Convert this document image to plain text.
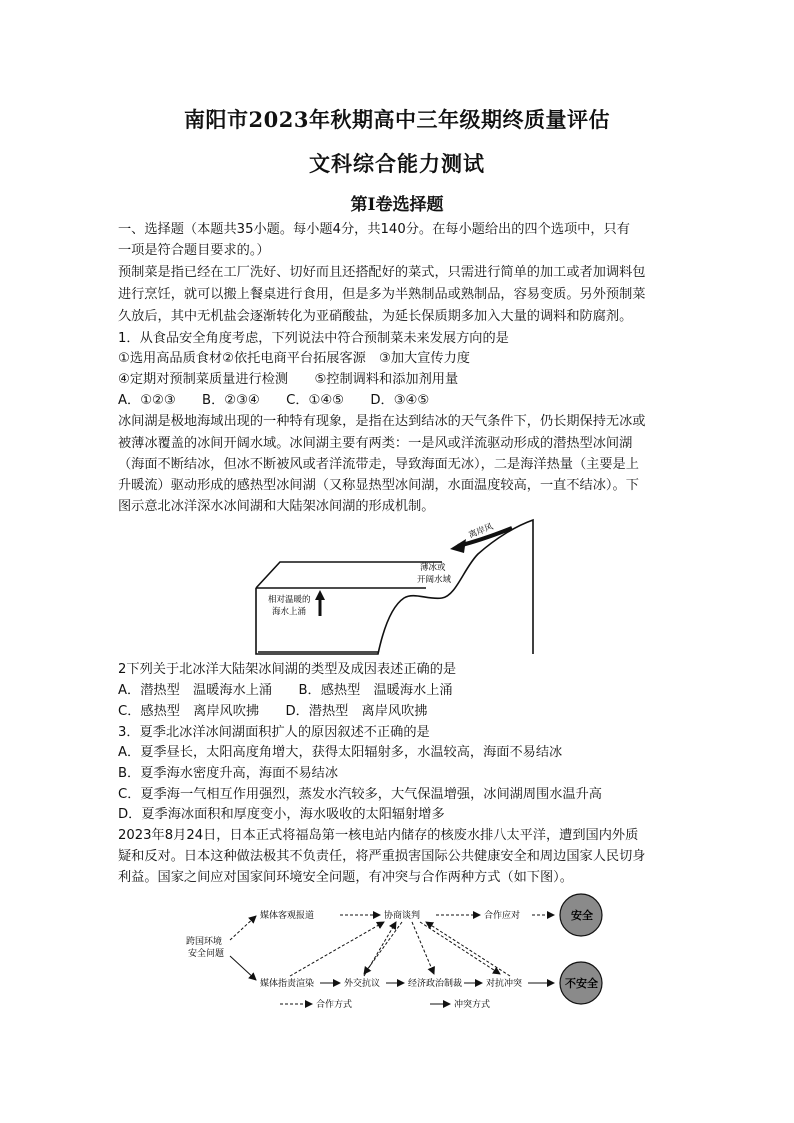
南阳市2023年秋期高中三年级期终质量评估
文科综合能力测试
第I卷选择题
一、选择题（本题共35小题。每小题4分，共140分。在每小题给出的四个选项中，只有
一项是符合题目要求的。）
预制菜是指已经在工厂洗好、切好而且还搭配好的菜式，只需进行简单的加工或者加调料包
进行烹饪，就可以搬上餐桌进行食用，但是多为半熟制品或熟制品，容易变质。另外预制菜
久放后，其中无机盐会逐渐转化为亚硝酸盐，为延长保质期多加入大量的调料和防腐剂。
1．从食品安全角度考虑，下列说法中符合预制菜未来发展方向的是
①选用高品质食材②依托电商平台拓展客源　③加大宣传力度
④定期对预制菜质量进行检测　　⑤控制调料和添加剂用量
A．①②③　　B．②③④　　C．①④⑤　　D．③④⑤
冰间湖是极地海域出现的一种特有现象，是指在达到结冰的天气条件下，仍长期保持无冰或
被薄冰覆盖的冰间开阔水域。冰间湖主要有两类：一是风或洋流驱动形成的潜热型冰间湖
（海面不断结冰，但冰不断被风或者洋流带走，导致海面无冰），二是海洋热量（主要是上
升暖流）驱动形成的感热型冰间湖（又称显热型冰间湖，水面温度较高，一直不结冰）。下
图示意北冰洋深水冰间湖和大陆架冰间湖的形成机制。
离岸风
薄冰或
开阔水域
相对温暖的
海水上涌
2下列关于北冰洋大陆架冰间湖的类型及成因表述正确的是
A．潜热型　温暖海水上涌　　B．感热型　温暖海水上涌
C．感热型　离岸风吹拂　　D．潜热型　离岸风吹拂
3．夏季北冰洋冰间湖面积扩人的原因叙述不正确的是
A．夏季昼长，太阳高度角增大，获得太阳辐射多，水温较高，海面不易结冰
B．夏季海水密度升高，海面不易结冰
C．夏季海一气相互作用强烈，蒸发水汽较多，大气保温增强，冰间湖周围水温升高
D．夏季海冰面积和厚度变小，海水吸收的太阳辐射增多
2023年8月24日，日本正式将福岛第一核电站内储存的核废水排八太平洋，遭到国内外质
疑和反对。日本这种做法极其不负责任，将严重损害国际公共健康安全和周边国家人民切身
利益。国家之间应对国家间环境安全问题，有冲突与合作两种方式（如下图）。
跨国环境
安全问题
媒体客观报道	协商谈判	合作应对	安全
媒体指责渲染	外交抗议	经济政治制裁	对抗冲突	不安全
合作方式	冲突方式
